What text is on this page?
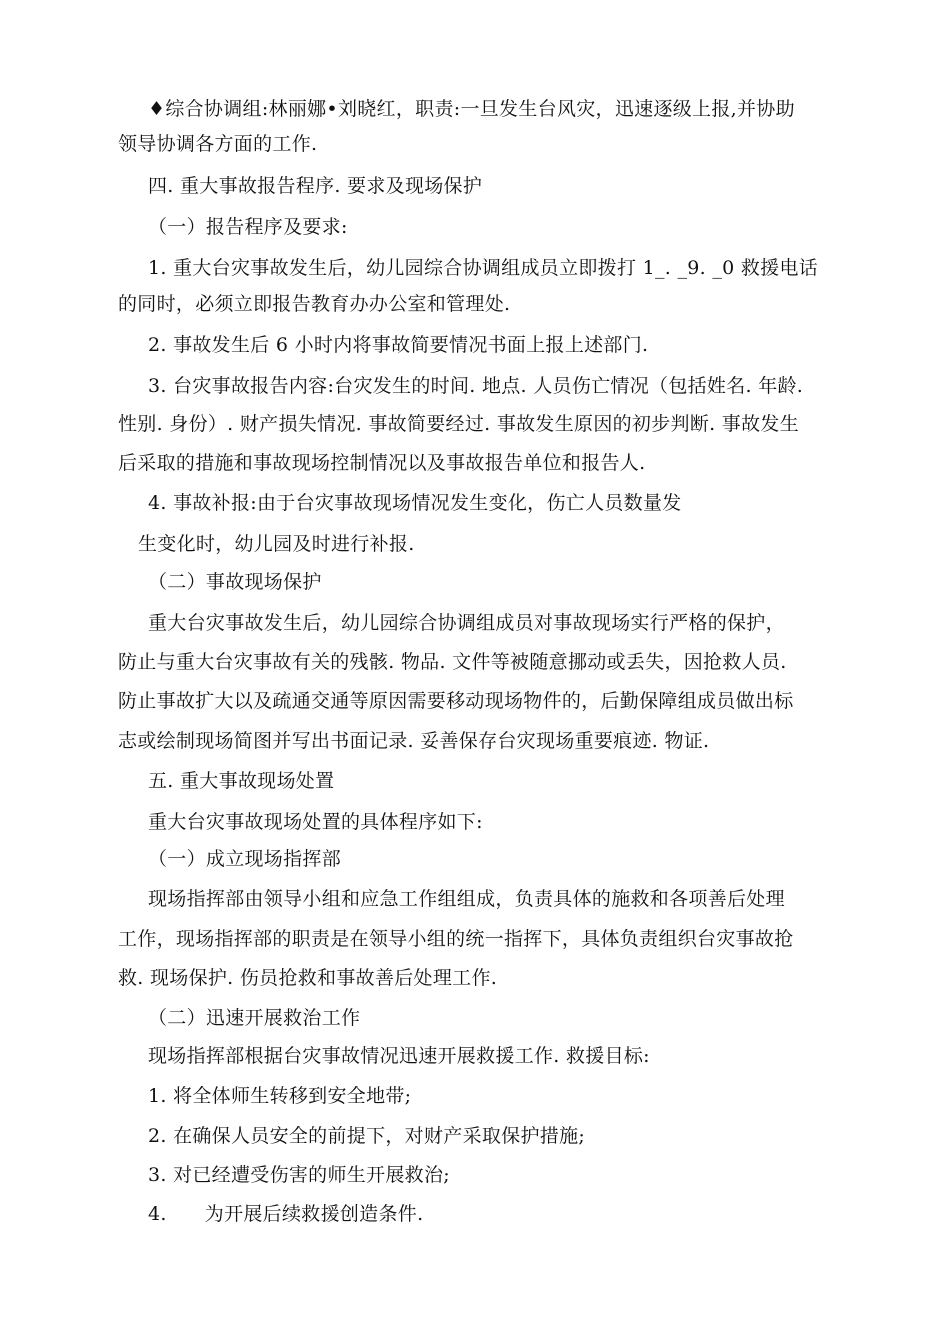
♦综合协调组:林丽娜•刘晓红，职责:一旦发生台风灾，迅速逐级上报,并协助
领导协调各方面的工作.
四. 重大事故报告程序. 要求及现场保护
（一）报告程序及要求:
1. 重大台灾事故发生后，幼儿园综合协调组成员立即拨打 1_. _9. _0 救援电话
的同时，必须立即报告教育办办公室和管理处.
2. 事故发生后 6 小时内将事故简要情况书面上报上述部门.
3. 台灾事故报告内容:台灾发生的时间. 地点. 人员伤亡情况（包括姓名. 年龄.
性别. 身份）. 财产损失情况. 事故简要经过. 事故发生原因的初步判断. 事故发生
后采取的措施和事故现场控制情况以及事故报告单位和报告人.
4. 事故补报:由于台灾事故现场情况发生变化，伤亡人员数量发
生变化时，幼儿园及时进行补报.
（二）事故现场保护
重大台灾事故发生后，幼儿园综合协调组成员对事故现场实行严格的保护，
防止与重大台灾事故有关的残骸. 物品. 文件等被随意挪动或丢失，因抢救人员.
防止事故扩大以及疏通交通等原因需要移动现场物件的，后勤保障组成员做出标
志或绘制现场简图并写出书面记录. 妥善保存台灾现场重要痕迹. 物证.
五. 重大事故现场处置
重大台灾事故现场处置的具体程序如下:
（一）成立现场指挥部
现场指挥部由领导小组和应急工作组组成，负责具体的施救和各项善后处理
工作，现场指挥部的职责是在领导小组的统一指挥下，具体负责组织台灾事故抢
救. 现场保护. 伤员抢救和事故善后处理工作.
（二）迅速开展救治工作
现场指挥部根据台灾事故情况迅速开展救援工作. 救援目标:
1. 将全体师生转移到安全地带;
2. 在确保人员安全的前提下，对财产采取保护措施;
3. 对已经遭受伤害的师生开展救治;
4.      为开展后续救援创造条件.
